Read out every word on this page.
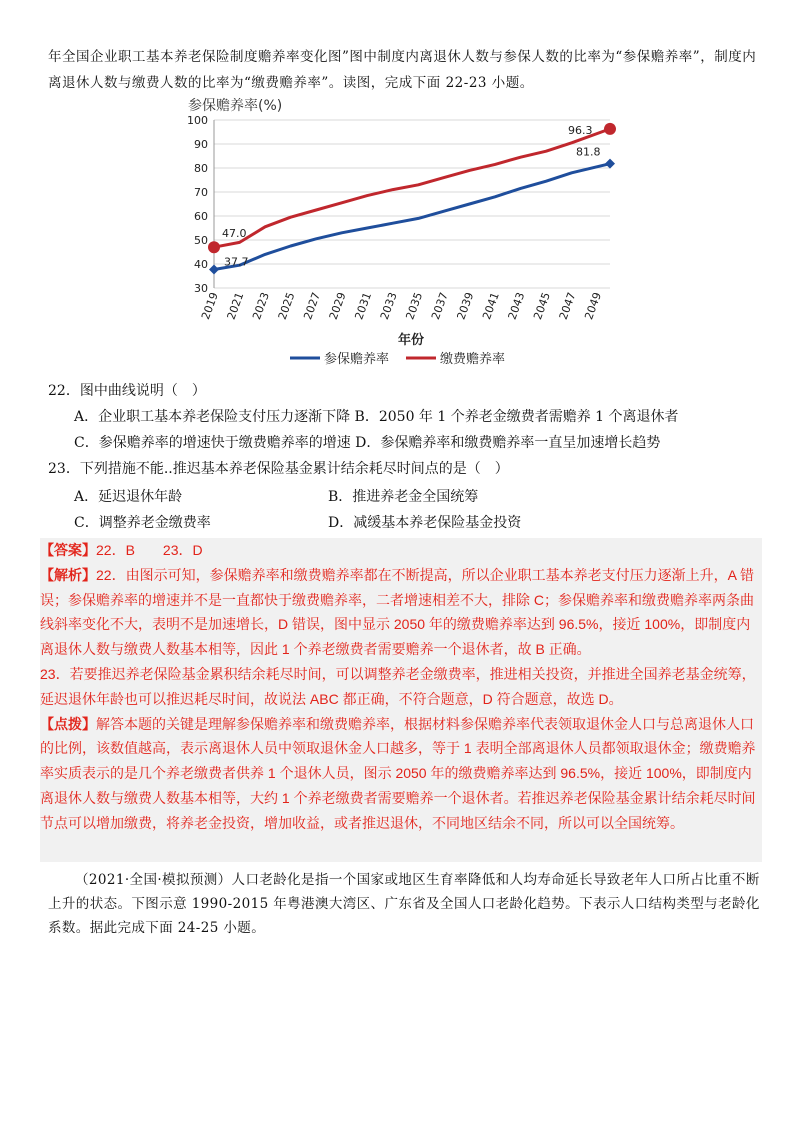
年全国企业职工基本养老保险制度赡养率变化图”图中制度内离退休人数与参保人数的比率为“参保赡养率”，制度内离退休人数与缴费人数的比率为“缴费赡养率”。读图，完成下面 22-23 小题。
参保赡养率(%)
30
40
50
60
70
80
90
100
2019 2021 2023 2025 2027 2029 2031 2033 2035 2037 2039 2041 2043 2045 2047 2049
37.7
47.0
81.8
96.3
年份
参保赡养率	缴费赡养率
22．图中曲线说明（　）
A．企业职工基本养老保险支付压力逐渐下降 B．2050 年 1 个养老金缴费者需赡养 1 个离退休者
C．参保赡养率的增速快于缴费赡养率的增速 D．参保赡养率和缴费赡养率一直呈加速增长趋势
23．下列措施不能..推迟基本养老保险基金累计结余耗尽时间点的是（　）
A．延迟退休年龄	B．推进养老金全国统筹
C．调整养老金缴费率	D．减缓基本养老保险基金投资
【答案】22．B　　23．D
【解析】22．由图示可知，参保赡养率和缴费赡养率都在不断提高，所以企业职工基本养老支付压力逐渐上升，A 错误；参保赡养率的增速并不是一直都快于缴费赡养率，二者增速相差不大，排除 C；参保赡养率和缴费赡养率两条曲线斜率变化不大，表明不是加速增长，D 错误，图中显示 2050 年的缴费赡养率达到 96.5%，接近 100%，即制度内离退休人数与缴费人数基本相等，因此 1 个养老缴费者需要赡养一个退休者，故 B 正确。
23．若要推迟养老保险基金累积结余耗尽时间，可以调整养老金缴费率，推进相关投资，并推进全国养老基金统筹，延迟退休年龄也可以推迟耗尽时间，故说法 ABC 都正确，不符合题意，D 符合题意，故选 D。
【点拨】解答本题的关键是理解参保赡养率和缴费赡养率，根据材料参保赡养率代表领取退休金人口与总离退休人口的比例，该数值越高，表示离退休人员中领取退休金人口越多，等于 1 表明全部离退休人员都领取退休金；缴费赡养率实质表示的是几个养老缴费者供养 1 个退休人员，图示 2050 年的缴费赡养率达到 96.5%，接近 100%，即制度内离退休人数与缴费人数基本相等，大约 1 个养老缴费者需要赡养一个退休者。若推迟养老保险基金累计结余耗尽时间节点可以增加缴费，将养老金投资，增加收益，或者推迟退休，不同地区结余不同，所以可以全国统筹。
（2021·全国·模拟预测）人口老龄化是指一个国家或地区生育率降低和人均寿命延长导致老年人口所占比重不断上升的状态。下图示意 1990-2015 年粤港澳大湾区、广东省及全国人口老龄化趋势。下表示人口结构类型与老龄化系数。据此完成下面 24-25 小题。
